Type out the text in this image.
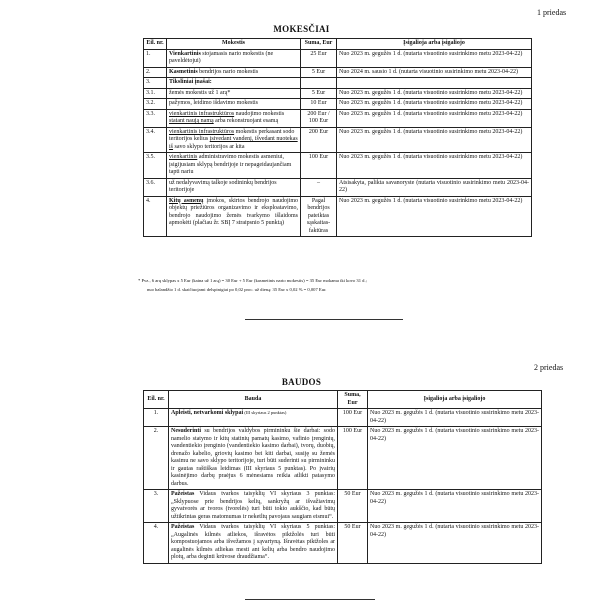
1 priedas
MOKESČIAI
Eil. nr.	Mokestis	Suma, Eur	Įsigalioja arba įsigaliojo
1.	Vienkartinis stojamasis nario mokestis (ne paveldėtojui)	25 Eur	Nuo 2023 m. gegužės 1 d. (nutarta visuotinio susirinkimo metu 2023-04-22)
2.	Kasmetinis bendrijos nario mokestis	5 Eur	Nuo 2024 m. sausio 1 d. (nutarta visuotinio susirinkimo metu 2023-04-22)
3.	Tiksliniai įnašai:		
3.1.	žemės mokestis už 1 arą*	5 Eur	Nuo 2023 m. gegužės 1 d. (nutarta visuotinio susirinkimo metu 2023-04-22)
3.2.	pažymos, leidimo išdavimo mokestis	10 Eur	Nuo 2023 m. gegužės 1 d. (nutarta visuotinio susirinkimo metu 2023-04-22)
3.3.	vienkartinis infrastruktūros naudojimo mokestis statant naują namą arba rekonstruojant esamą	200 Eur / 100 Eur	Nuo 2023 m. gegužės 1 d. (nutarta visuotinio susirinkimo metu 2023-04-22)
3.4.	vienkartinis infrastruktūros mokestis perkasant sodo teritorijos kelius įsivedant vandenį, išvedant nuotekas iš savo sklypo teritorijos ar kita	200 Eur	Nuo 2023 m. gegužės 1 d. (nutarta visuotinio susirinkimo metu 2023-04-22)
3.5.	vienkartinis administravimo mokestis asmeniui, įsigijusiam sklypą bendrijoje ir nepageidaujančiam tapti nariu	100 Eur	Nuo 2023 m. gegužės 1 d. (nutarta visuotinio susirinkimo metu 2023-04-22)
3.6.	už nedalyvavimą talkoje sodininkų bendrijos teritorijoje	–	Atsisakyta, palikta savanoryste (nutarta visuotinio susirinkimo metu 2023-04-22)
4.	Kitų asmenų įmokos, skirtos bendrojo naudojimo objektų priežiūros organizavimo ir eksploatavimo, bendrojo naudojimo žemės tvarkymo išlaidoms apmokėti (plačiau žr. SBĮ 7 straipsnio 5 punktą)	Pagal bendrijos pateiktas sąskaitas-faktūras	Nuo 2023 m. gegužės 1 d. (nutarta visuotinio susirinkimo metu 2023-04-22)
* Pvz., 6 arų sklypas x 5 Eur (kaina už 1 arą) = 30 Eur + 5 Eur (kasmetinis nario mokestis) = 35 Eur mokama iki kovo 31 d.;
nuo balandžio 1 d. skaičiuojami delspinigiai po 0,02 proc. už dieną: 35 Eur x 0,02 % = 0,007 Eur.
2 priedas
BAUDOS
Eil. nr.	Bauda	Suma, Eur	Įsigalioja arba įsigaliojo
1.	Apleisti, netvarkomi sklypai (III skyriaus 2 punktas)	100 Eur	Nuo 2023 m. gegužės 1 d. (nutarta visuotinio susirinkimo metu 2023-04-22)
2.	Nesuderinti su bendrijos valdybos pirmininku šie darbai: sodo namelio statymo ir kitų statinių pamatų kasimo, vafinio įrenginių, vandentiekio įrenginio (vandentiekio kasimo darbai), tvorų, duobių, drenažo kabelio, griovių kasimo bei kiti darbai, susiję su žemės kasimu ne savo sklypo teritorijoje, turi būti suderinti su pirmininku ir gautas raštiškas leidimas (III skyriaus 5 punktas). Po įvairių kasinėjimo darbų praėjus 6 mėnesiams reikia atlikti patasymo darbus.	100 Eur	Nuo 2023 m. gegužės 1 d. (nutarta visuotinio susirinkimo metu 2023-04-22)
3.	Pažeistas Vidaus tvarkos taisyklių VI skyriaus 3 punktas: „Sklypuose prie bendrijos kelių, sankryžų ar išvažiavimų gyvatvorės ar tvoros (tvorelės) turi būti tokio aukščio, kad būtų užtikrintas geras matomumas ir neketltų pavojaus saugiam eismui“.	50 Eur	Nuo 2023 m. gegužės 1 d. (nutarta visuotinio susirinkimo metu 2023-04-22)
4.	Pažeistas Vidaus tvarkos taisyklių VI skyriaus 5 punktas: „Augalinės kilmės atliekos, išravėtos piktžolės turi būti kompostuojamos arba išvežamos į sąvartyną. Išravėtas piktžoles ar augalinės kilmės atliekas mesti ant kelių arba bendro naudojimo plotų, arba deginti krūvose draudžiama“.	50 Eur	Nuo 2023 m. gegužės 1 d. (nutarta visuotinio susirinkimo metu 2023-04-22)
